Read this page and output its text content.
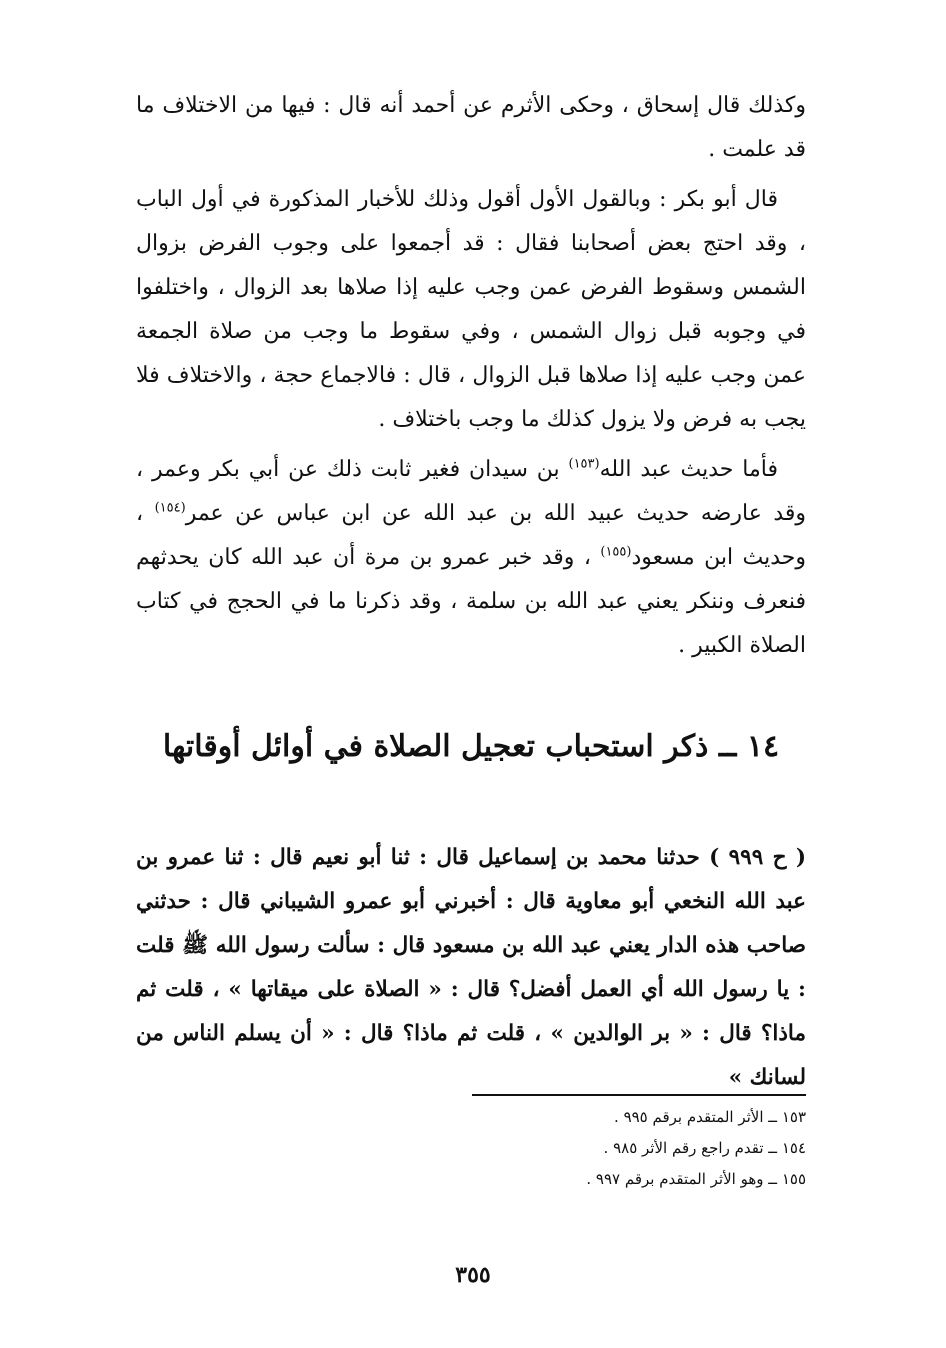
وكذلك قال إسحاق ، وحكى الأثرم عن أحمد أنه قال : فيها من الاختلاف ما قد علمت .

قال أبو بكر : وبالقول الأول أقول وذلك للأخبار المذكورة في أول الباب ، وقد احتج بعض أصحابنا فقال : قد أجمعوا على وجوب الفرض بزوال الشمس وسقوط الفرض عمن وجب عليه إذا صلاها بعد الزوال ، واختلفوا في وجوبه قبل زوال الشمس ، وفي سقوط ما وجب من صلاة الجمعة عمن وجب عليه إذا صلاها قبل الزوال ، قال : فالاجماع حجة ، والاختلاف فلا يجب به فرض ولا يزول كذلك ما وجب باختلاف .

فأما حديث عبد الله$^{(١٥٣)}$ بن سيدان فغير ثابت ذلك عن أبي بكر وعمر ، وقد عارضه حديث عبيد الله بن عبد الله عن ابن عباس عن عمر$^{(١٥٤)}$ ، وحديث ابن مسعود$^{(١٥٥)}$ ، وقد خبر عمرو بن مرة أن عبد الله كان يحدثهم فنعرف وننكر يعني عبد الله بن سلمة ، وقد ذكرنا ما في الحجج في كتاب الصلاة الكبير .

١٤ ــ ذكر استحباب تعجيل الصلاة في أوائل أوقاتها

( ح ٩٩٩ ) حدثنا محمد بن إسماعيل قال : ثنا أبو نعيم قال : ثنا عمرو بن عبد الله النخعي أبو معاوية قال : أخبرني أبو عمرو الشيباني قال : حدثني صاحب هذه الدار يعني عبد الله بن مسعود قال : سألت رسول الله ﷺ قلت : يا رسول الله أي العمل أفضل؟ قال : « الصلاة على ميقاتها » ، قلت ثم ماذا؟ قال : « بر الوالدين » ، قلت ثم ماذا؟ قال : « أن يسلم الناس من لسانك »

١٥٣ ــ الأثر المتقدم برقم ٩٩٥ .
١٥٤ ــ تقدم راجع رقم الأثر ٩٨٥ .
١٥٥ ــ وهو الأثر المتقدم برقم ٩٩٧ .
٣٥٥
